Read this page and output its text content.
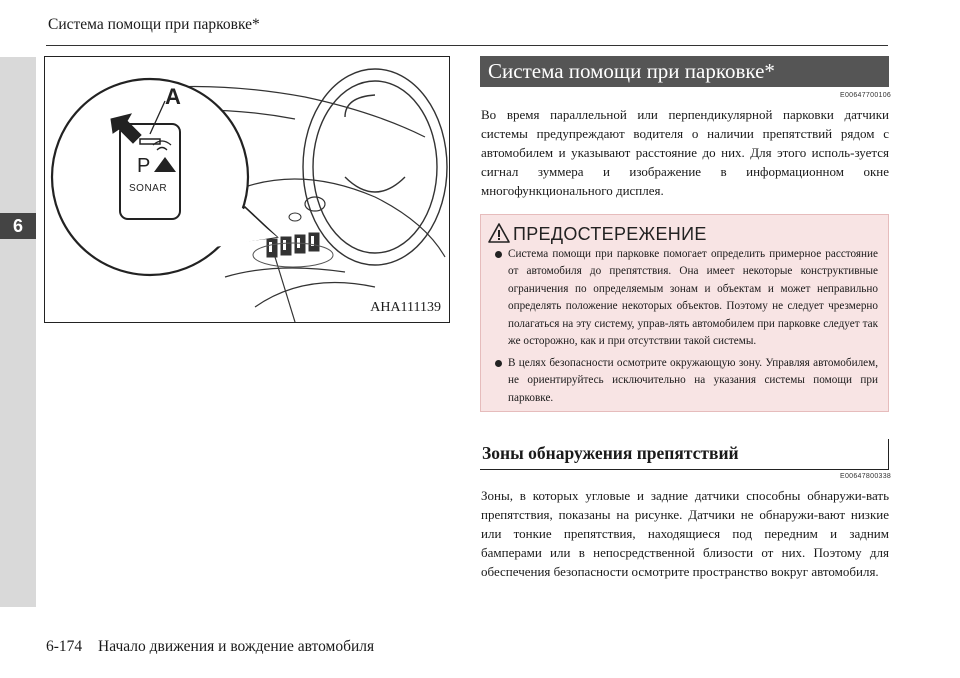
6
Система помощи при парковке*
A
P
SONAR
AHA111139
Система помощи при парковке*
E00647700106
Во время параллельной или перпендикулярной парковки датчики системы предупреждают водителя о наличии препятствий рядом с автомобилем и указывают расстояние до них. Для этого исполь-зуется сигнал зуммера и изображение в информационном окне многофункционального дисплея.
ПРЕДОСТЕРЕЖЕНИЕ
Система помощи при парковке помогает определить примерное расстояние от автомобиля до препятствия. Она имеет некоторые конструктивные ограничения по определяемым зонам и объектам и может неправильно определять положение некоторых объектов. Поэтому не следует чрезмерно полагаться на эту систему, управ-лять автомобилем при парковке следует так же осторожно, как и при отсутствии такой системы.
В целях безопасности осмотрите окружающую зону. Управляя автомобилем, не ориентируйтесь исключительно на указания системы помощи при парковке.
Зоны обнаружения препятствий
E00647800338
Зоны, в которых угловые и задние датчики способны обнаружи-вать препятствия, показаны на рисунке. Датчики не обнаружи-вают низкие или тонкие препятствия, находящиеся под передним и задним бамперами или в непосредственной близости от них. Поэтому для обеспечения безопасности осмотрите пространство вокруг автомобиля.
6-174 Начало движения и вождение автомобиля
